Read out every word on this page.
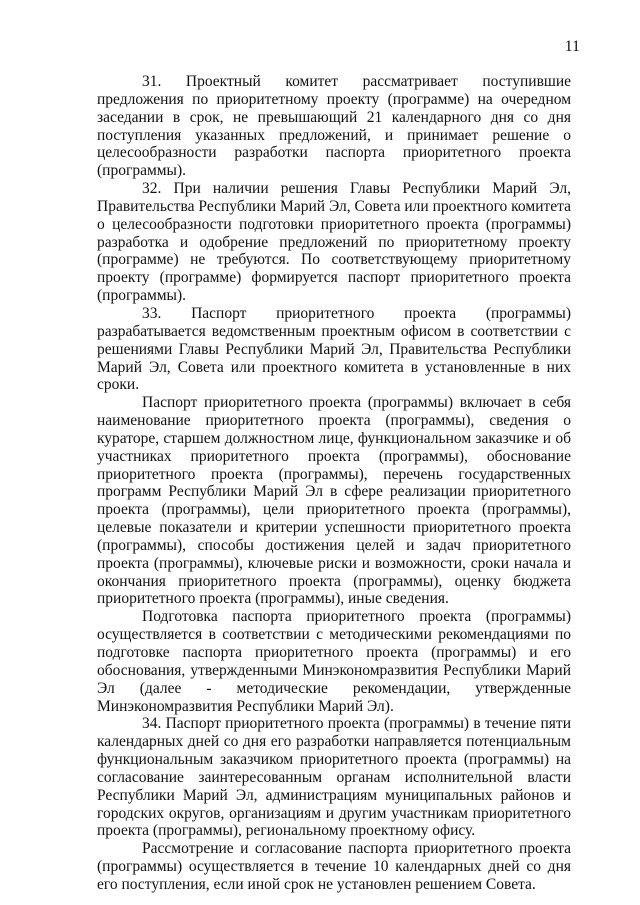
11

31. Проектный комитет рассматривает поступившие предложения по приоритетному проекту (программе) на очередном заседании в срок, не превышающий 21 календарного дня со дня поступления указанных предложений, и принимает решение о целесообразности разработки паспорта приоритетного проекта (программы).

32. При наличии решения Главы Республики Марий Эл, Правительства Республики Марий Эл, Совета или проектного комитета о целесообразности подготовки приоритетного проекта (программы) разработка и одобрение предложений по приоритетному проекту (программе) не требуются. По соответствующему приоритетному проекту (программе) формируется паспорт приоритетного проекта (программы).

33. Паспорт приоритетного проекта (программы) разрабатывается ведомственным проектным офисом в соответствии с решениями Главы Республики Марий Эл, Правительства Республики Марий Эл, Совета или проектного комитета в установленные в них сроки.

Паспорт приоритетного проекта (программы) включает в себя наименование приоритетного проекта (программы), сведения о кураторе, старшем должностном лице, функциональном заказчике и об участниках приоритетного проекта (программы), обоснование приоритетного проекта (программы), перечень государственных программ Республики Марий Эл в сфере реализации приоритетного проекта (программы), цели приоритетного проекта (программы), целевые показатели и критерии успешности приоритетного проекта (программы), способы достижения целей и задач приоритетного проекта (программы), ключевые риски и возможности, сроки начала и окончания приоритетного проекта (программы), оценку бюджета приоритетного проекта (программы), иные сведения.

Подготовка паспорта приоритетного проекта (программы) осуществляется в соответствии с методическими рекомендациями по подготовке паспорта приоритетного проекта (программы) и его обоснования, утвержденными Минэкономразвития Республики Марий Эл (далее - методические рекомендации, утвержденные Минэкономразвития Республики Марий Эл).

34. Паспорт приоритетного проекта (программы) в течение пяти календарных дней со дня его разработки направляется потенциальным функциональным заказчиком приоритетного проекта (программы) на согласование заинтересованным органам исполнительной власти Республики Марий Эл, администрациям муниципальных районов и городских округов, организациям и другим участникам приоритетного проекта (программы), региональному проектному офису.

Рассмотрение и согласование паспорта приоритетного проекта (программы) осуществляется в течение 10 календарных дней со дня его поступления, если иной срок не установлен решением Совета.
